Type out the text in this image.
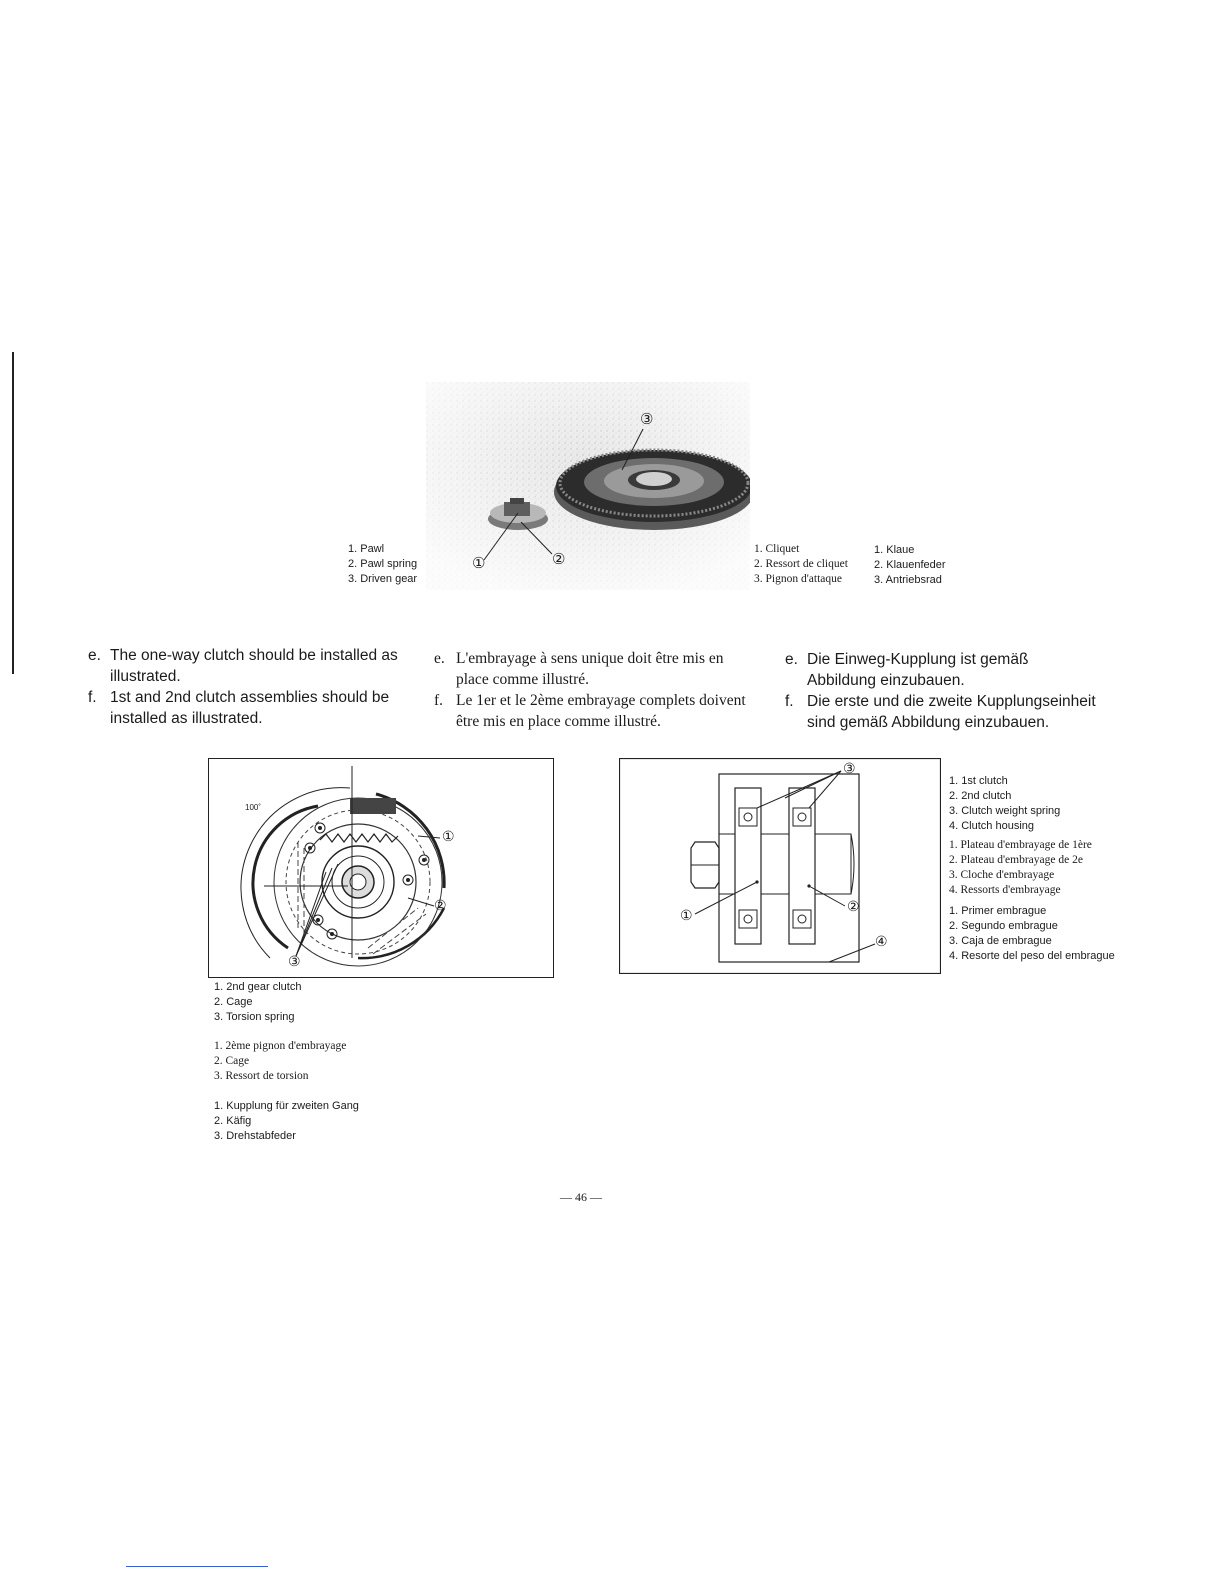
③
①	②
1. Pawl
2. Pawl spring
3. Driven gear
1. Cliquet
2. Ressort de cliquet
3. Pignon d'attaque
1. Klaue
2. Klauenfeder
3. Antriebsrad
e. The one-way clutch should be installed as illustrated.
f. 1st and 2nd clutch assemblies should be installed as illustrated.
e. L'embrayage à sens unique doit être mis en place comme illustré.
f. Le 1er et le 2ème embrayage complets doivent être mis en place comme illustré.
e. Die Einweg-Kupplung ist gemäß Abbildung einzubauen.
f. Die erste und die zweite Kupplungseinheit sind gemäß Abbildung einzubauen.
100˚
①
②
③
1. 2nd gear clutch
2. Cage
3. Torsion spring
1. 2ème pignon d'embrayage
2. Cage
3. Ressort de torsion
1. Kupplung für zweiten Gang
2. Käfig
3. Drehstabfeder
③
①
②
④
1. 1st clutch
2. 2nd clutch
3. Clutch weight spring
4. Clutch housing
1. Plateau d'embrayage de 1ère
2. Plateau d'embrayage de 2e
3. Cloche d'embrayage
4. Ressorts d'embrayage
1. Primer embrague
2. Segundo embrague
3. Caja de embrague
4. Resorte del peso del embrague
— 46 —
